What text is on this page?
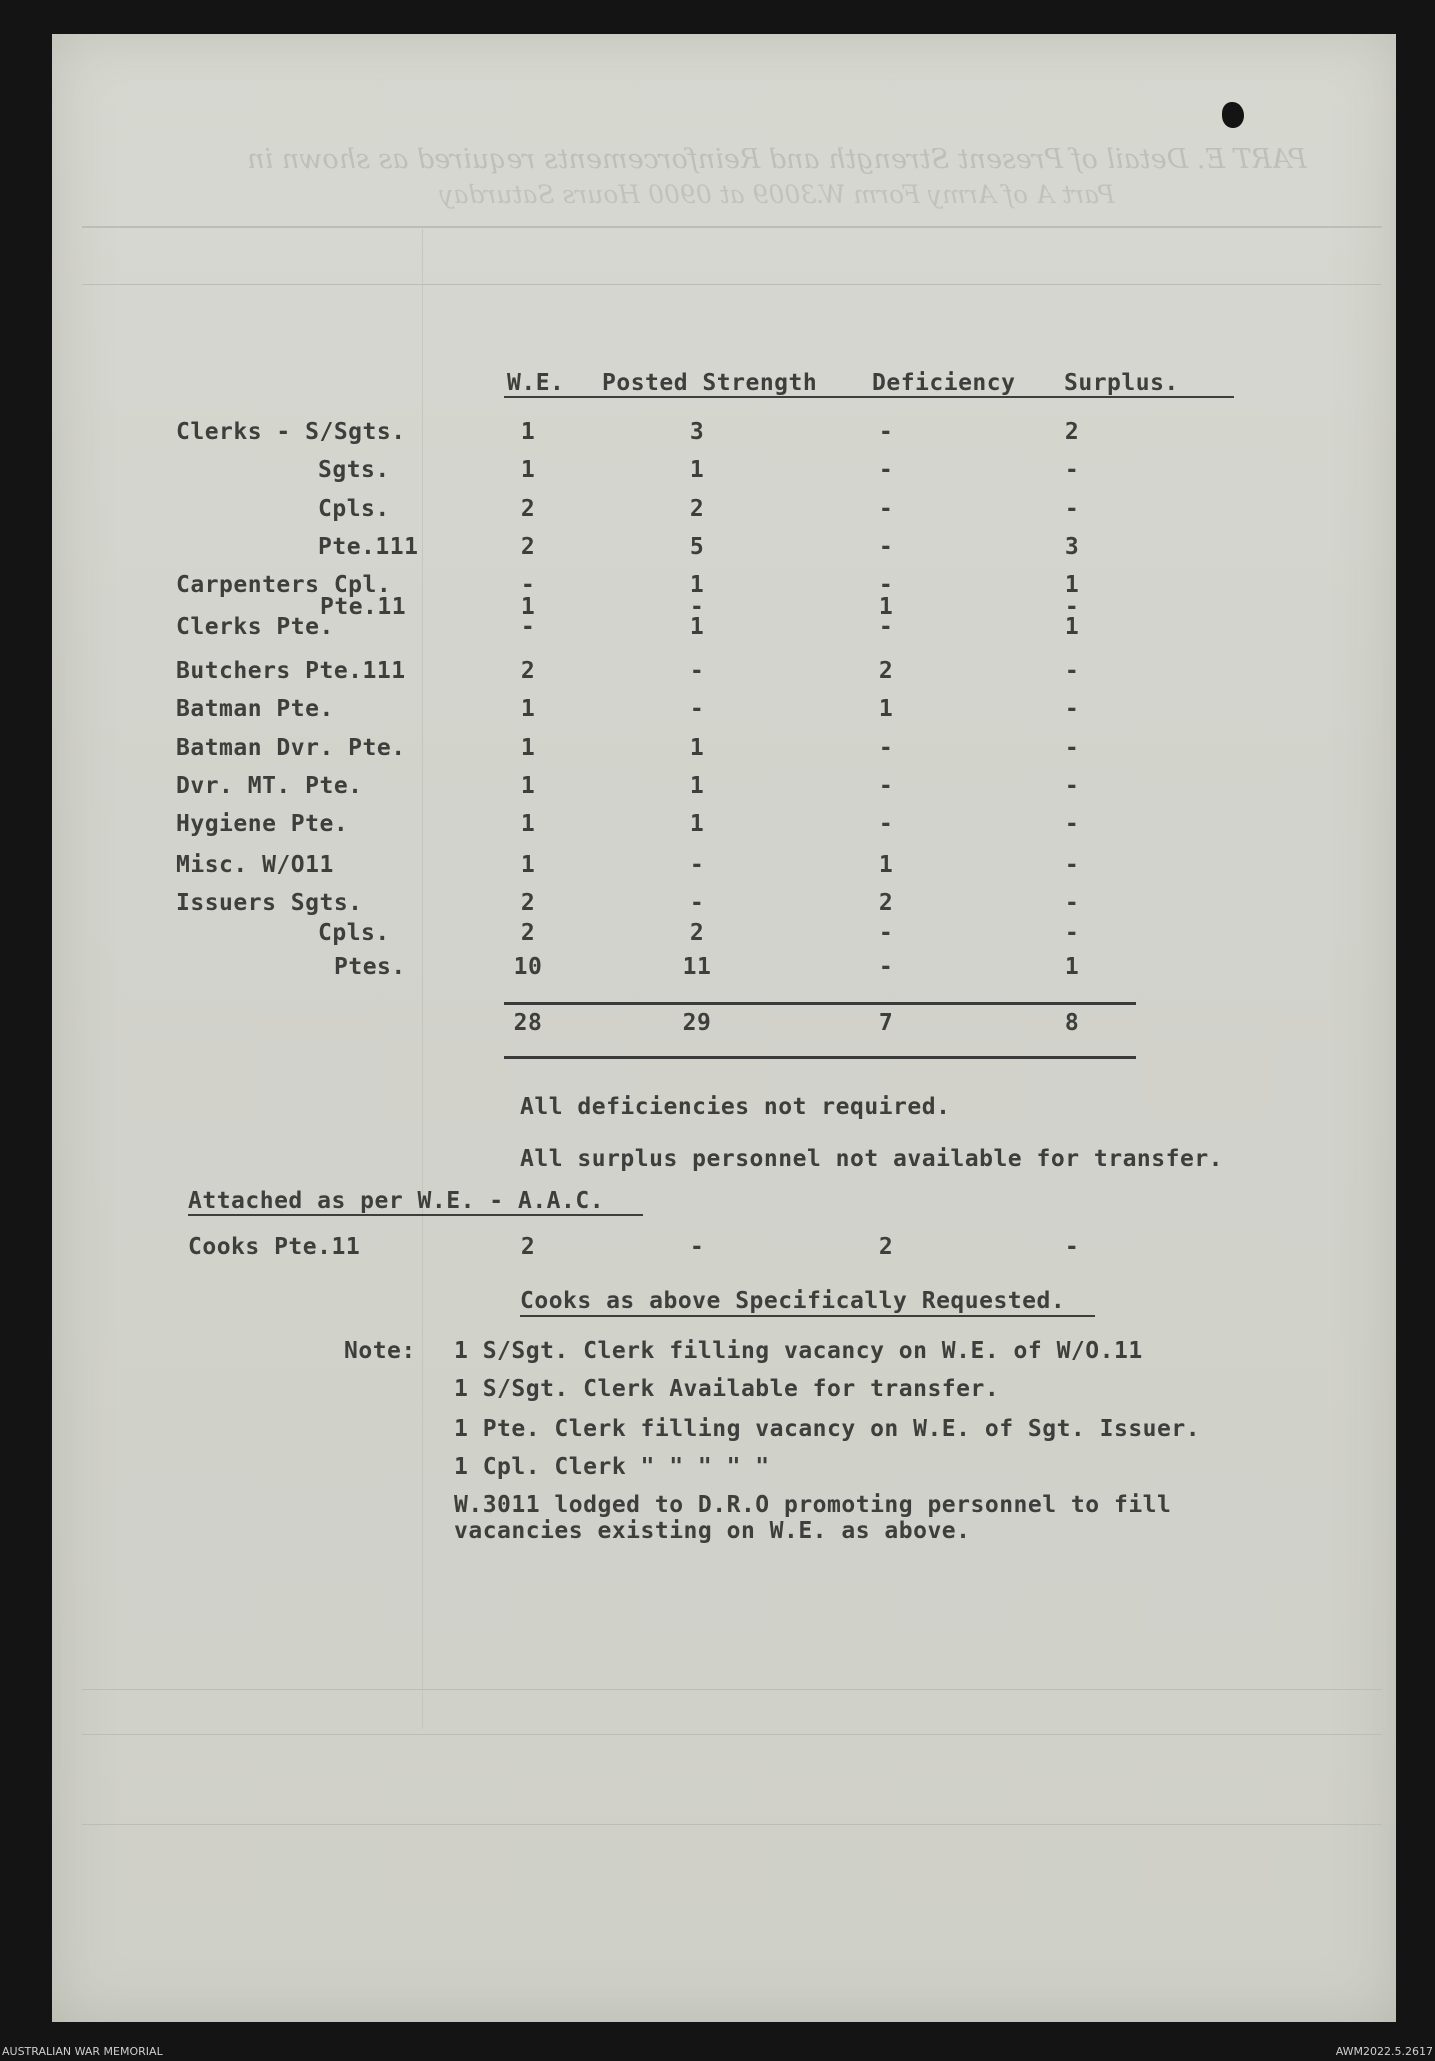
PART E. Detail of Present Strength and Reinforcements required as shown in
Part A of Army Form W.3009 at 0900 Hours Saturday
W.E. Posted Strength Deficiency Surplus.
Clerks - S/Sgts.	1	3	-	2
Sgts.	1	1	-	-
Cpls.	2	2	-	-
Pte.111	2	5	-	3
Carpenters Cpl.	-	1	-	1
Pte.11	1	-	1	-
Clerks Pte.	-	1	-	1
Butchers Pte.111	2	-	2	-
Batman Pte.	1	-	1	-
Batman Dvr. Pte.	1	1	-	-
Dvr. MT. Pte.	1	1	-	-
Hygiene Pte.	1	1	-	-
Misc. W/O11	1	-	1	-
Issuers Sgts.	2	-	2	-
Cpls.	2	2	-	-
Ptes.	10	11	-	1
28	29	7	8
All deficiencies not required.
All surplus personnel not available for transfer.
Attached as per W.E. - A.A.C.
Cooks Pte.11	2	-	2	-
Cooks as above Specifically Requested.
Note: 1 S/Sgt. Clerk filling vacancy on W.E. of W/O.11
1 S/Sgt. Clerk Available for transfer.
1 Pte. Clerk filling vacancy on W.E. of Sgt. Issuer.
1 Cpl. Clerk " " " " "
W.3011 lodged to D.R.O promoting personnel to fill
vacancies existing on W.E. as above.
AUSTRALIAN WAR MEMORIAL	AWM2022.5.2617
